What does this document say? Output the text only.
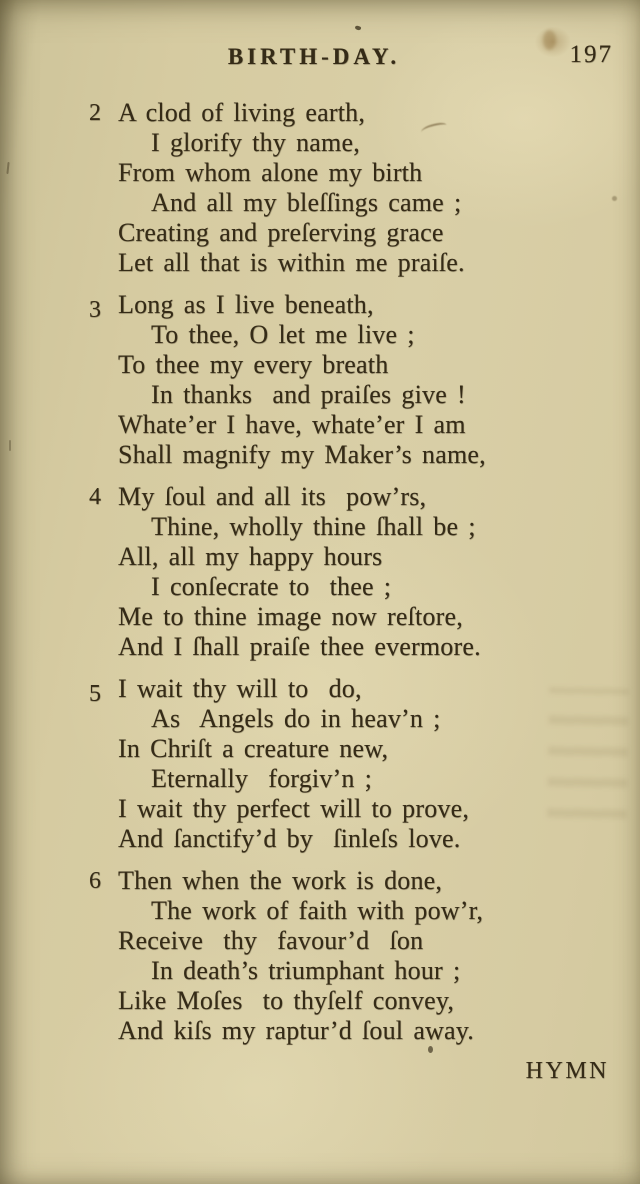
BIRTH-DAY.	197
2 A clod of living earth,
I glorify thy name,
From whom alone my birth
And all my bleſſings came ;
Creating and preſerving grace
Let all that is within me praiſe.
3 Long as I live beneath,
To thee, O let me live ;
To thee my every breath
In thanks  and praiſes give !
Whate’er I have, whate’er I am
Shall magnify my Maker’s name,
4 My ſoul and all its  pow’rs,
Thine, wholly thine ſhall be ;
All, all my happy hours
I conſecrate to  thee ;
Me to thine image now reſtore,
And I ſhall praiſe thee evermore.
5 I wait thy will to  do,
As  Angels do in heav’n ;
In Chriſt a creature new,
Eternally  forgiv’n ;
I wait thy perfect will to prove,
And ſanctify’d by  ſinleſs love.
6 Then when the work is done,
The work of faith with pow’r,
Receive  thy  favour’d  ſon
In death’s triumphant hour ;
Like Moſes  to thyſelf convey,
And kiſs my raptur’d ſoul away.
HYMN
